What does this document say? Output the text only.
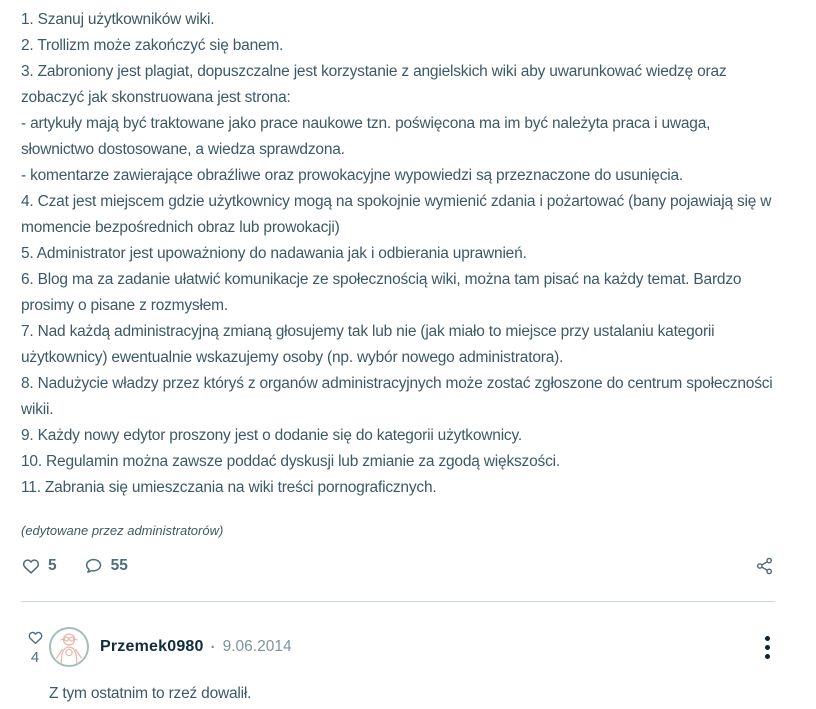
1. Szanuj użytkowników wiki.

2. Trollizm może zakończyć się banem.

3. Zabroniony jest plagiat, dopuszczalne jest korzystanie z angielskich wiki aby uwarunkować wiedzę oraz zobaczyć jak skonstruowana jest strona:

- artykuły mają być traktowane jako prace naukowe tzn. poświęcona ma im być należyta praca i uwaga, słownictwo dostosowane, a wiedza sprawdzona.

- komentarze zawierające obraźliwe oraz prowokacyjne wypowiedzi są przeznaczone do usunięcia.

4. Czat jest miejscem gdzie użytkownicy mogą na spokojnie wymienić zdania i pożartować (bany pojawiają się w momencie bezpośrednich obraz lub prowokacji)

5. Administrator jest upoważniony do nadawania jak i odbierania uprawnień.

6. Blog ma za zadanie ułatwić komunikacje ze społecznością wiki, można tam pisać na każdy temat. Bardzo prosimy o pisane z rozmysłem.

7. Nad każdą administracyjną zmianą głosujemy tak lub nie (jak miało to miejsce przy ustalaniu kategorii użytkownicy) ewentualnie wskazujemy osoby (np. wybór nowego administratora).

8. Nadużycie władzy przez któryś z organów administracyjnych może zostać zgłoszone do centrum społeczności wikii.

9. Każdy nowy edytor proszony jest o dodanie się do kategorii użytkownicy.

10. Regulamin można zawsze poddać dyskusji lub zmianie za zgodą większości.

11. Zabrania się umieszczania na wiki treści pornograficznych.

(edytowane przez administratorów)
5	55
4
Przemek0980 · 9.06.2014
Z tym ostatnim to rzeź dowalił.
